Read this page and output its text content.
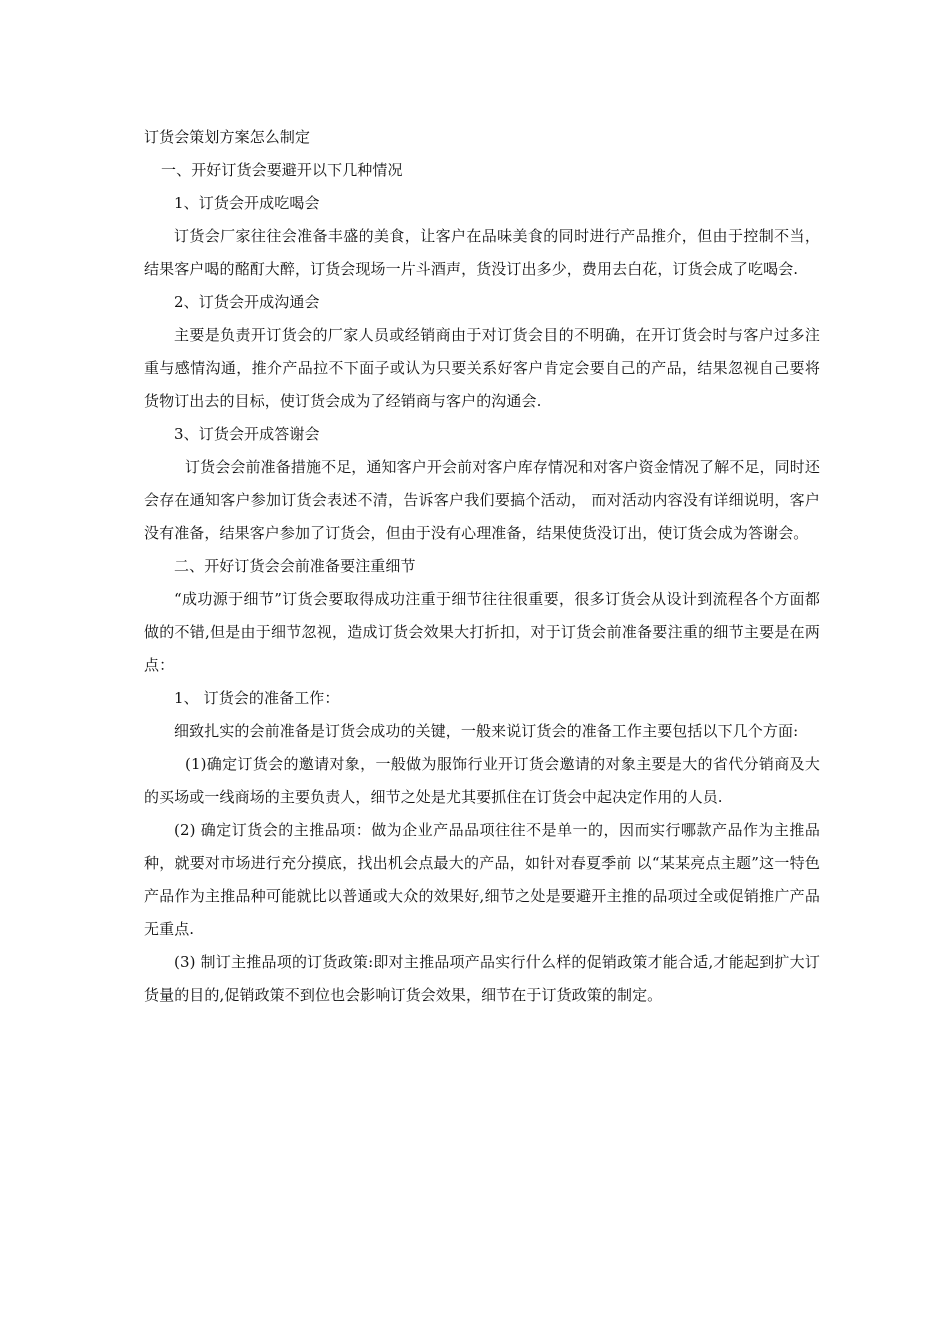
订货会策划方案怎么制定

一、开好订货会要避开以下几种情况

1、订货会开成吃喝会

订货会厂家往往会准备丰盛的美食，让客户在品味美食的同时进行产品推介，但由于控制不当，结果客户喝的酩酊大醉，订货会现场一片斗酒声，货没订出多少，费用去白花，订货会成了吃喝会.

2、订货会开成沟通会

主要是负责开订货会的厂家人员或经销商由于对订货会目的不明确，在开订货会时与客户过多注重与感情沟通，推介产品拉不下面子或认为只要关系好客户肯定会要自己的产品，结果忽视自己要将货物订出去的目标，使订货会成为了经销商与客户的沟通会.

3、订货会开成答谢会

订货会会前准备措施不足，通知客户开会前对客户库存情况和对客户资金情况了解不足，同时还会存在通知客户参加订货会表述不清，告诉客户我们要搞个活动， 而对活动内容没有详细说明，客户没有准备，结果客户参加了订货会，但由于没有心理准备，结果使货没订出，使订货会成为答谢会。

二、开好订货会会前准备要注重细节

“成功源于细节”订货会要取得成功注重于细节往往很重要，很多订货会从设计到流程各个方面都做的不错,但是由于细节忽视，造成订货会效果大打折扣，对于订货会前准备要注重的细节主要是在两点：

1、 订货会的准备工作：

细致扎实的会前准备是订货会成功的关键，一般来说订货会的准备工作主要包括以下几个方面:

(1)确定订货会的邀请对象，一般做为服饰行业开订货会邀请的对象主要是大的省代分销商及大的买场或一线商场的主要负责人，细节之处是尤其要抓住在订货会中起决定作用的人员.

(2) 确定订货会的主推品项：做为企业产品品项往往不是单一的，因而实行哪款产品作为主推品种，就要对市场进行充分摸底，找出机会点最大的产品，如针对春夏季前 以“某某亮点主题”这一特色产品作为主推品种可能就比以普通或大众的效果好,细节之处是要避开主推的品项过全或促销推广产品无重点.

(3) 制订主推品项的订货政策:即对主推品项产品实行什么样的促销政策才能合适,才能起到扩大订货量的目的,促销政策不到位也会影响订货会效果，细节在于订货政策的制定。
